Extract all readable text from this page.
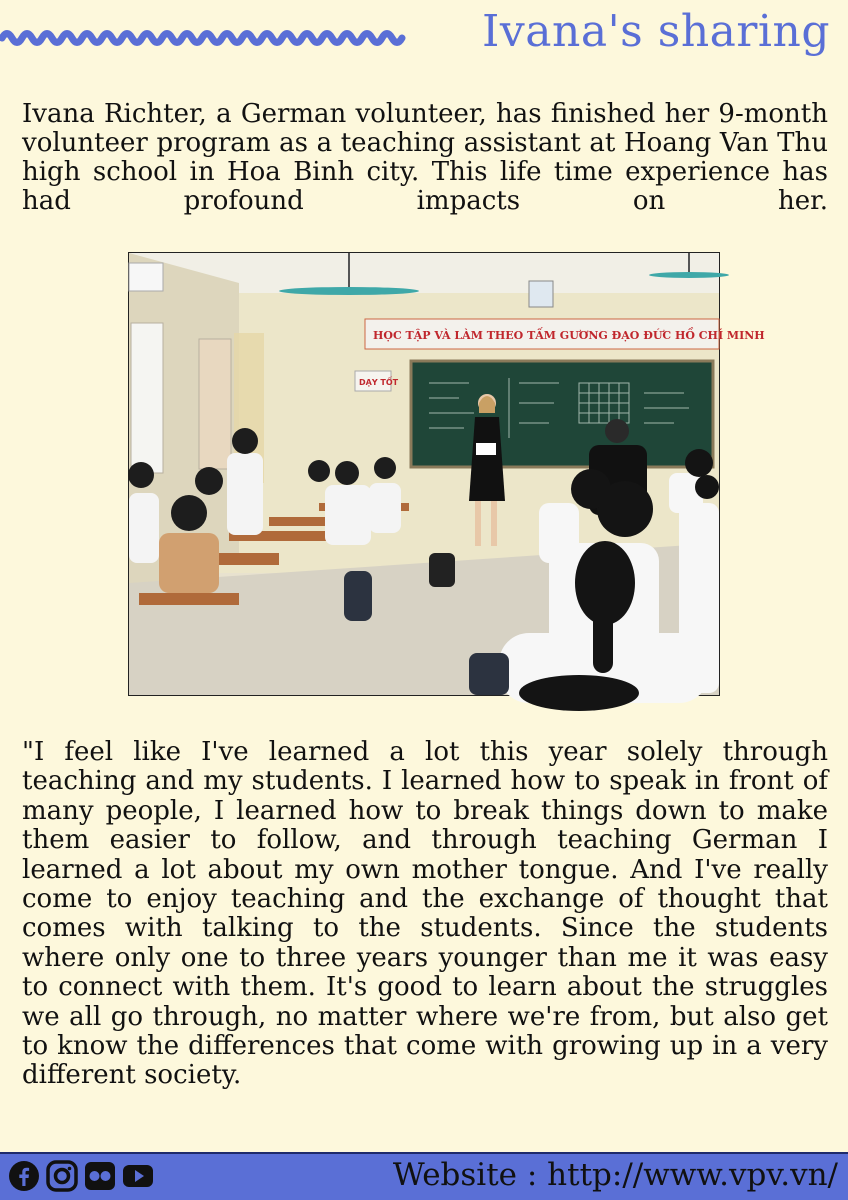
Ivana's sharing
Ivana Richter, a German volunteer, has finished her 9-month volunteer program as a teaching assistant at Hoang Van Thu high school in Hoa Binh city. This life time experience has had profound impacts on her.
HỌC TẬP VÀ LÀM THEO TẤM GƯƠNG ĐẠO ĐỨC HỒ CHÍ MINH
DẠY TỐT
"I feel like I've learned a lot this year solely through teaching and my students. I learned how to speak in front of many people, I learned how to break things down to make them easier to follow, and through teaching German I learned a lot about my own mother tongue. And I've really come to enjoy teaching and the exchange of thought that comes with talking to the students. Since the students where only one to three years younger than me it was easy to connect with them. It's good to learn about the struggles we all go through, no matter where we're from, but also get to know the differences that come with growing up in a very different society.
Website : http://www.vpv.vn/
